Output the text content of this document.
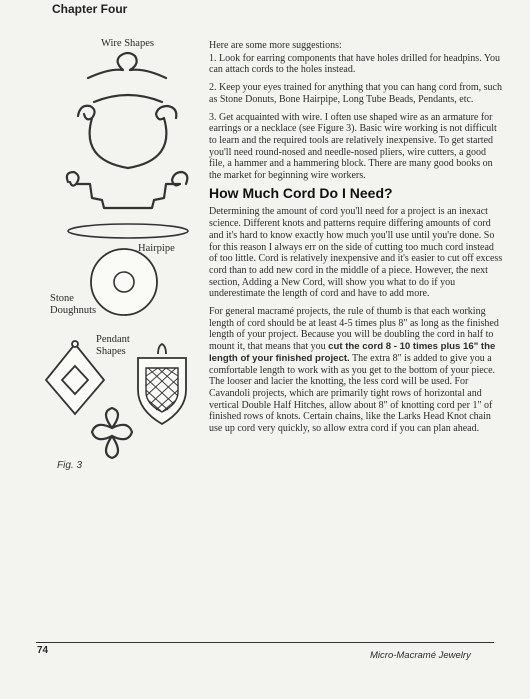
Chapter Four
Wire Shapes
Hairpipe
Stone
Doughnuts
Pendant
Shapes
Fig. 3

Here are some more suggestions:

1. Look for earring components that have holes drilled for headpins. You can attach cords to the holes instead.

2. Keep your eyes trained for anything that you can hang cord from, such as Stone Donuts, Bone Hairpipe, Long Tube Beads, Pendants, etc.

3. Get acquainted with wire. I often use shaped wire as an armature for earrings or a necklace (see Figure 3). Basic wire working is not difficult to learn and the required tools are relatively inexpensive. To get started you'll need round-nosed and needle-nosed pliers, wire cutters, a good file, a hammer and a hammering block. There are many good books on the market for beginning wire workers.

How Much Cord Do I Need?

Determining the amount of cord you'll need for a project is an inexact science. Different knots and patterns require differing amounts of cord and it's hard to know exactly how much you'll use until you're done. So for this reason I always err on the side of cutting too much cord instead of too little. Cord is relatively inexpensive and it's easier to cut off excess cord than to add new cord in the middle of a piece. However, the next section, Adding a New Cord, will show you what to do if you underestimate the length of cord and have to add more.

For general macramé projects, the rule of thumb is that each working length of cord should be at least 4-5 times plus 8" as long as the finished length of your project. Because you will be doubling the cord in half to mount it, that means that you cut the cord 8 - 10 times plus 16" the length of your finished project. The extra 8" is added to give you a comfortable length to work with as you get to the bottom of your piece. The looser and lacier the knotting, the less cord will be used. For Cavandoli projects, which are primarily tight rows of horizontal and vertical Double Half Hitches, allow about 8" of knotting cord per 1" of finished rows of knots. Certain chains, like the Larks Head Knot chain use up cord very quickly, so allow extra cord if you can plan ahead.

74	Micro-Macramé Jewelry
